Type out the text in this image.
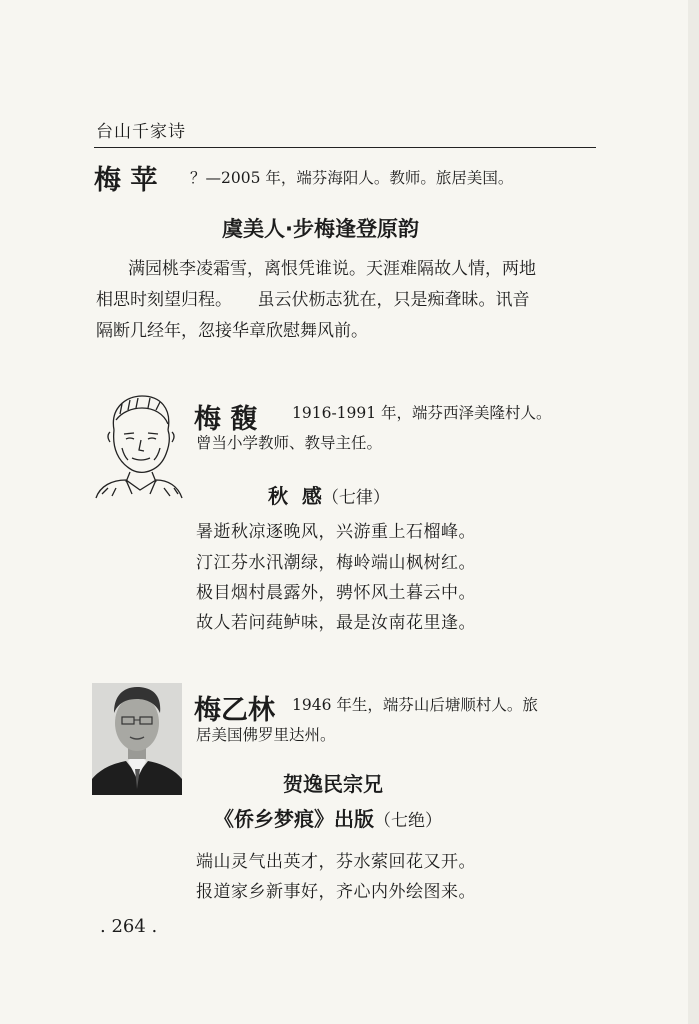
台山千家诗
梅 苹 ？—2005 年，端芬海阳人。教师。旅居美国。
虞美人·步梅逢登原韵
满园桃李凌霜雪，离恨凭谁说。天涯难隔故人情，两地
相思时刻望归程。　　虽云伏枥志犹在，只是痴聋昧。讯音
隔断几经年，忽接华章欣慰舞风前。
梅 馥 1916-1991 年，端芬西泽美隆村人。
曾当小学教师、教导主任。
秋  感（七律）
暑逝秋凉逐晚风，兴游重上石榴峰。
汀江芬水汛潮绿，梅岭端山枫树红。
极目烟村晨露外，骋怀风土暮云中。
故人若问莼鲈味，最是汝南花里逢。
梅乙林 1946 年生，端芬山后塘顺村人。旅
居美国佛罗里达州。
贺逸民宗兄
《侨乡梦痕》出版（七绝）
端山灵气出英才，芬水萦回花又开。
报道家乡新事好，齐心内外绘图来。
. 264 .
